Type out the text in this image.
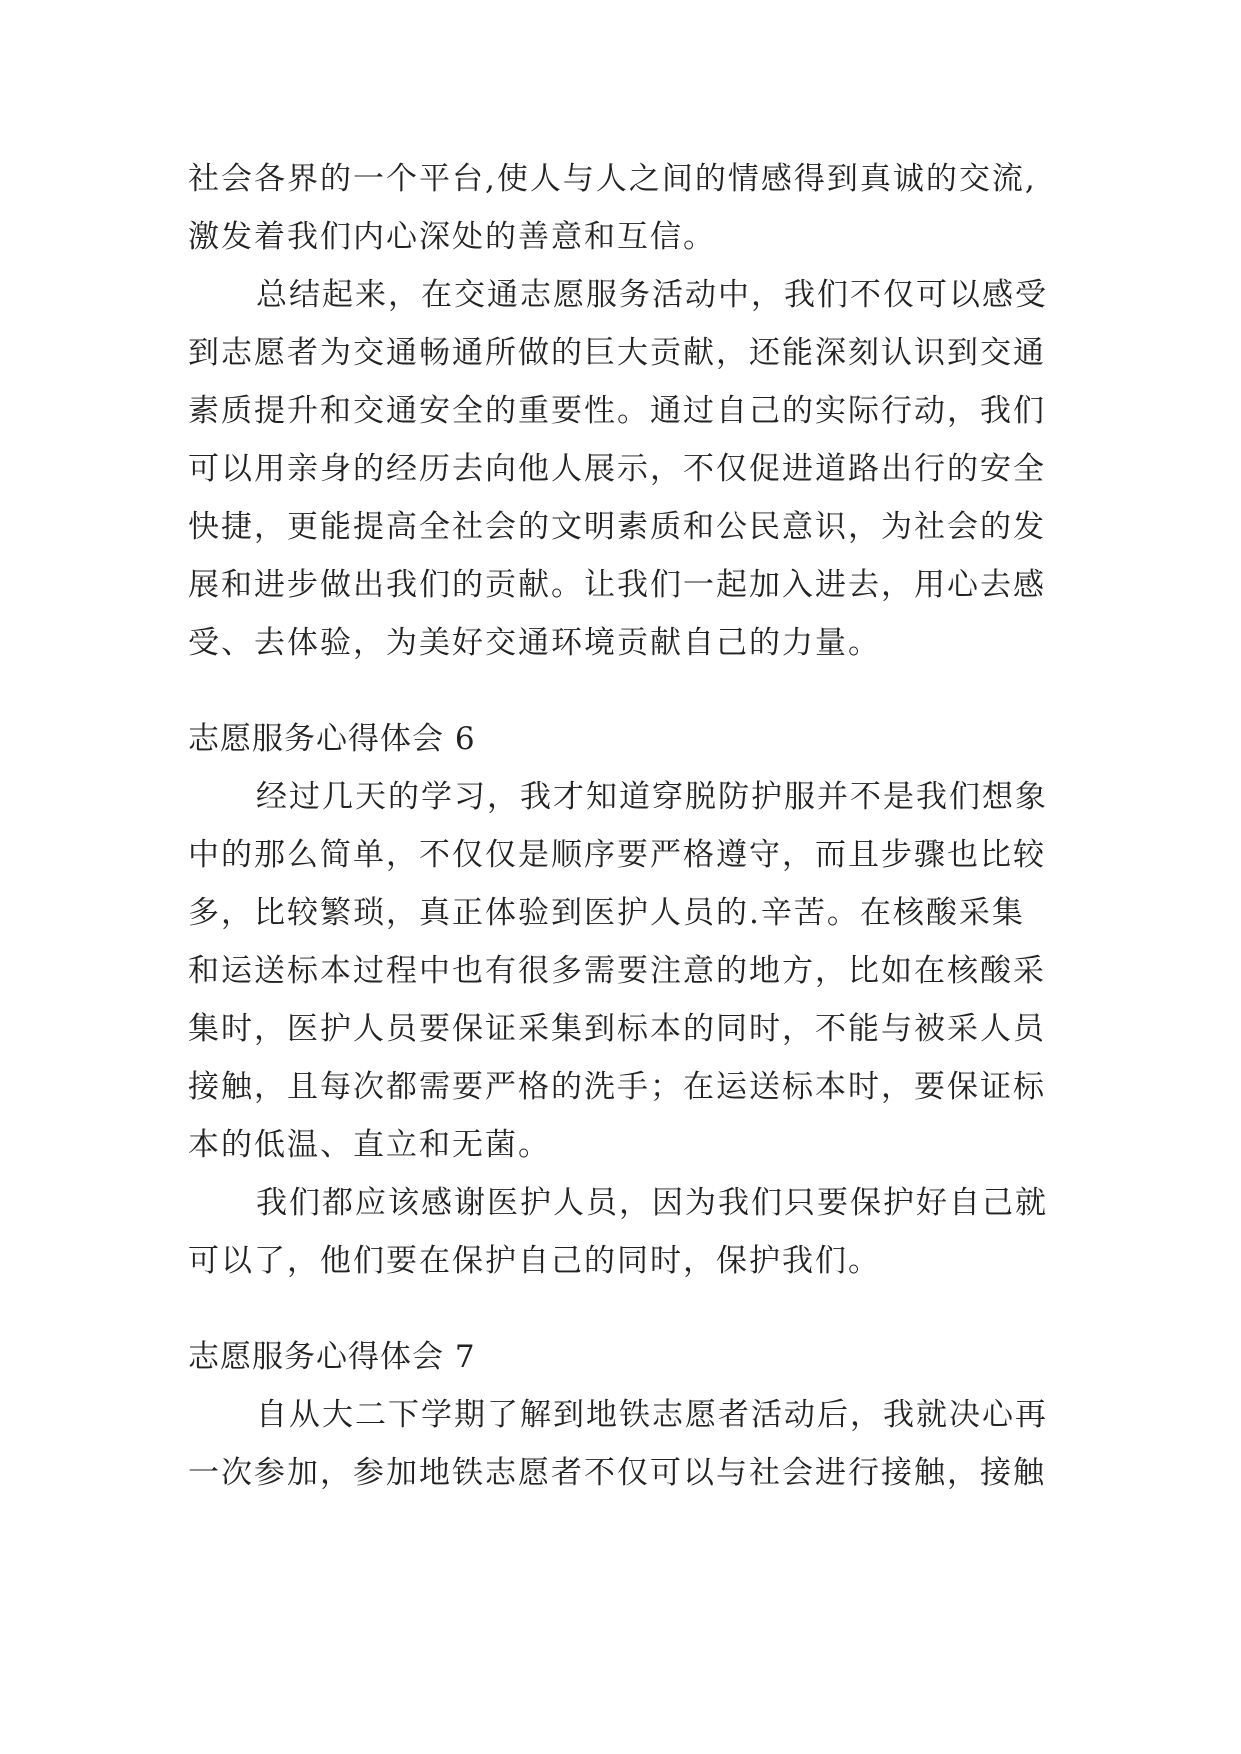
社会各界的一个平台,使人与人之间的情感得到真诚的交流,
激发着我们内心深处的善意和互信。
总结起来，在交通志愿服务活动中，我们不仅可以感受
到志愿者为交通畅通所做的巨大贡献，还能深刻认识到交通
素质提升和交通安全的重要性。通过自己的实际行动，我们
可以用亲身的经历去向他人展示，不仅促进道路出行的安全
快捷，更能提高全社会的文明素质和公民意识，为社会的发
展和进步做出我们的贡献。让我们一起加入进去，用心去感
受、去体验，为美好交通环境贡献自己的力量。
志愿服务心得体会 6
经过几天的学习，我才知道穿脱防护服并不是我们想象
中的那么简单，不仅仅是顺序要严格遵守，而且步骤也比较
多，比较繁琐，真正体验到医护人员的.辛苦。在核酸采集
和运送标本过程中也有很多需要注意的地方，比如在核酸采
集时，医护人员要保证采集到标本的同时，不能与被采人员
接触，且每次都需要严格的洗手；在运送标本时，要保证标
本的低温、直立和无菌。
我们都应该感谢医护人员，因为我们只要保护好自己就
可以了，他们要在保护自己的同时，保护我们。
志愿服务心得体会 7
自从大二下学期了解到地铁志愿者活动后，我就决心再
一次参加，参加地铁志愿者不仅可以与社会进行接触，接触
